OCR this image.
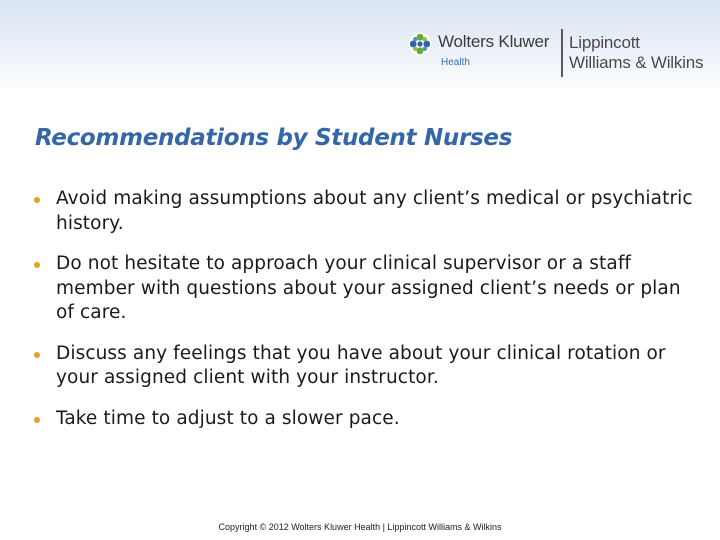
Wolters Kluwer
Health
Lippincott
Williams & Wilkins
Recommendations by Student Nurses
Avoid making assumptions about any client’s medical or psychiatric history.
Do not hesitate to approach your clinical supervisor or a staff member with questions about your assigned client’s needs or plan of care.
Discuss any feelings that you have about your clinical rotation or your assigned client with your instructor.
Take time to adjust to a slower pace.
Copyright © 2012 Wolters Kluwer Health | Lippincott Williams & Wilkins
